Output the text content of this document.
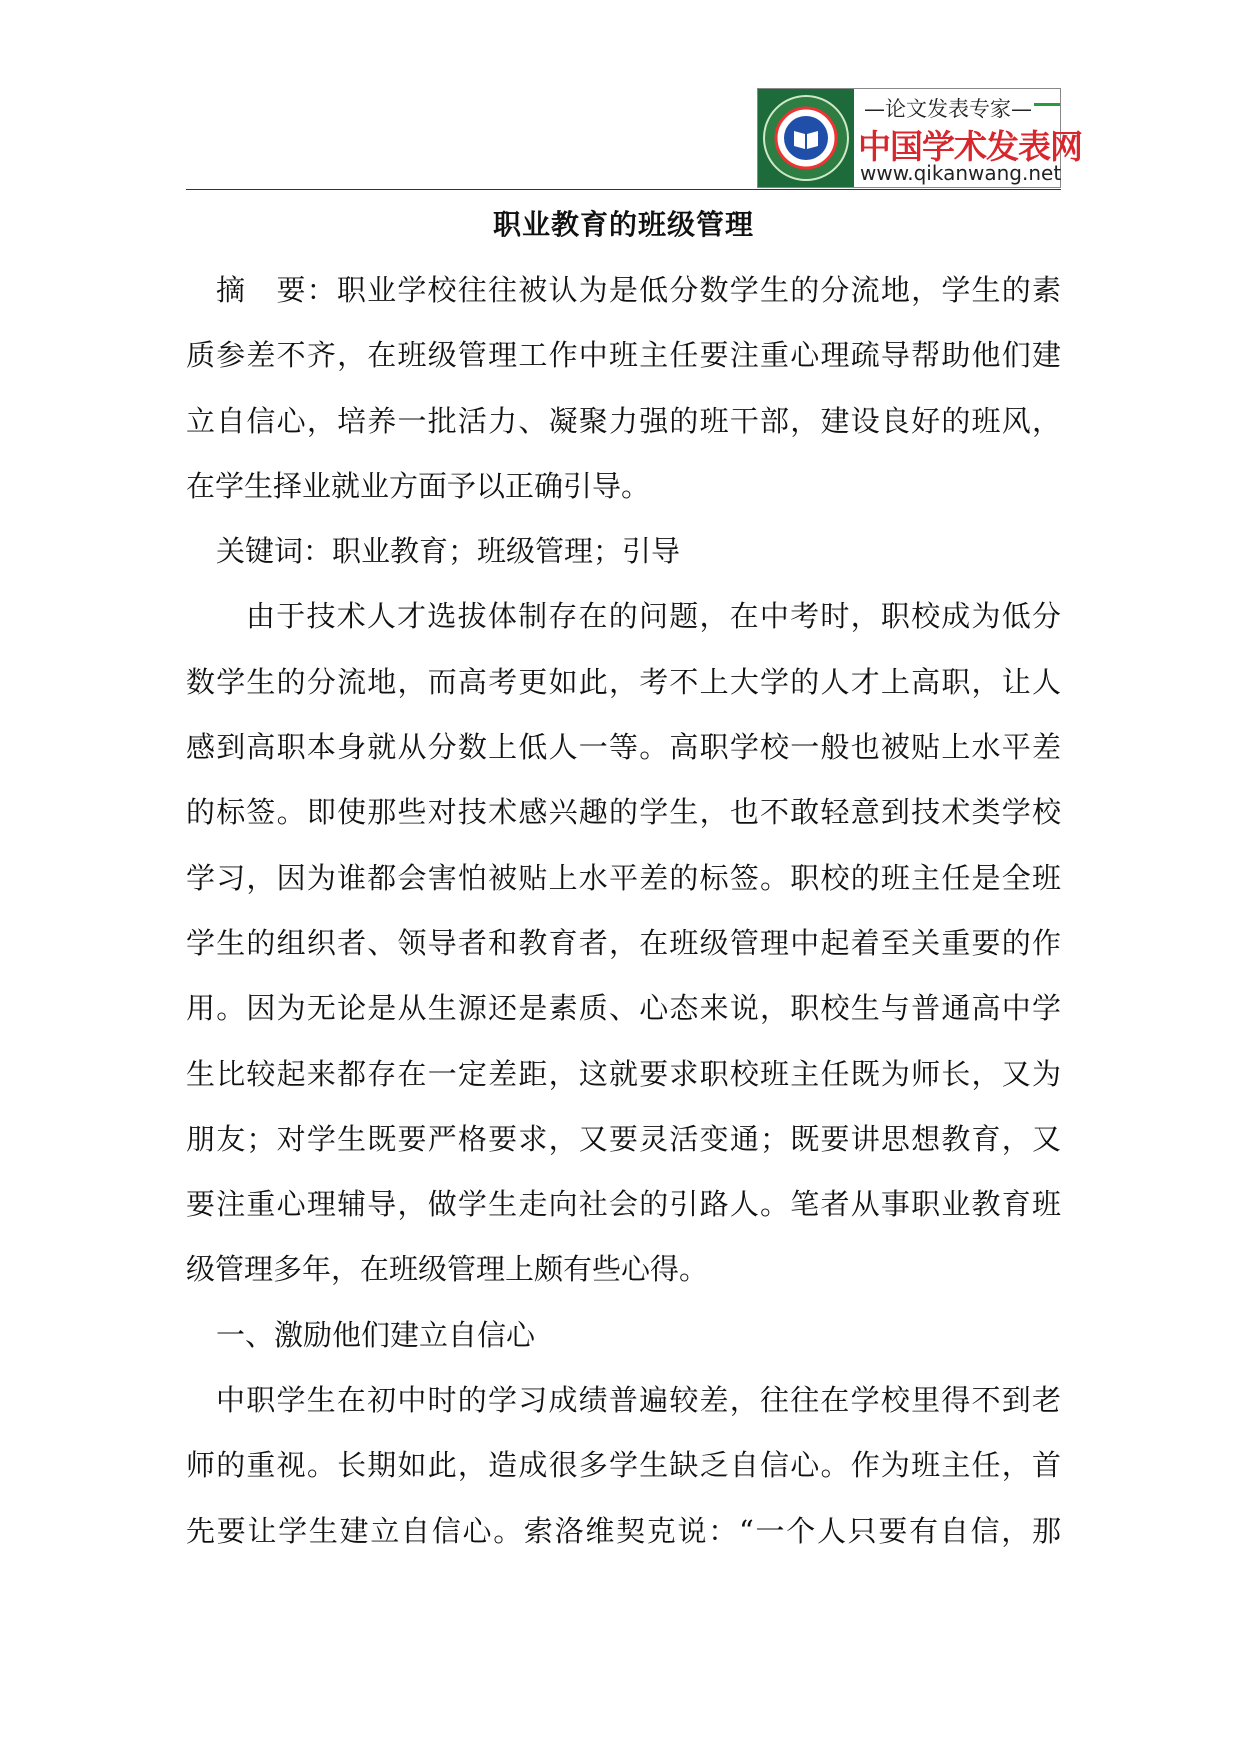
—论文发表专家—
中国学术发表网
www.qikanwang.net
职业教育的班级管理
摘　要：职业学校往往被认为是低分数学生的分流地，学生的素
质参差不齐，在班级管理工作中班主任要注重心理疏导帮助他们建
立自信心，培养一批活力、凝聚力强的班干部，建设良好的班风，
在学生择业就业方面予以正确引导。
关键词：职业教育；班级管理；引导
由于技术人才选拔体制存在的问题，在中考时，职校成为低分
数学生的分流地，而高考更如此，考不上大学的人才上高职，让人
感到高职本身就从分数上低人一等。高职学校一般也被贴上水平差
的标签。即使那些对技术感兴趣的学生，也不敢轻意到技术类学校
学习，因为谁都会害怕被贴上水平差的标签。职校的班主任是全班
学生的组织者、领导者和教育者，在班级管理中起着至关重要的作
用。因为无论是从生源还是素质、心态来说，职校生与普通高中学
生比较起来都存在一定差距，这就要求职校班主任既为师长，又为
朋友；对学生既要严格要求，又要灵活变通；既要讲思想教育，又
要注重心理辅导，做学生走向社会的引路人。笔者从事职业教育班
级管理多年，在班级管理上颇有些心得。
一、激励他们建立自信心
中职学生在初中时的学习成绩普遍较差，往往在学校里得不到老
师的重视。长期如此，造成很多学生缺乏自信心。作为班主任，首
先要让学生建立自信心。索洛维契克说：“一个人只要有自信，那
